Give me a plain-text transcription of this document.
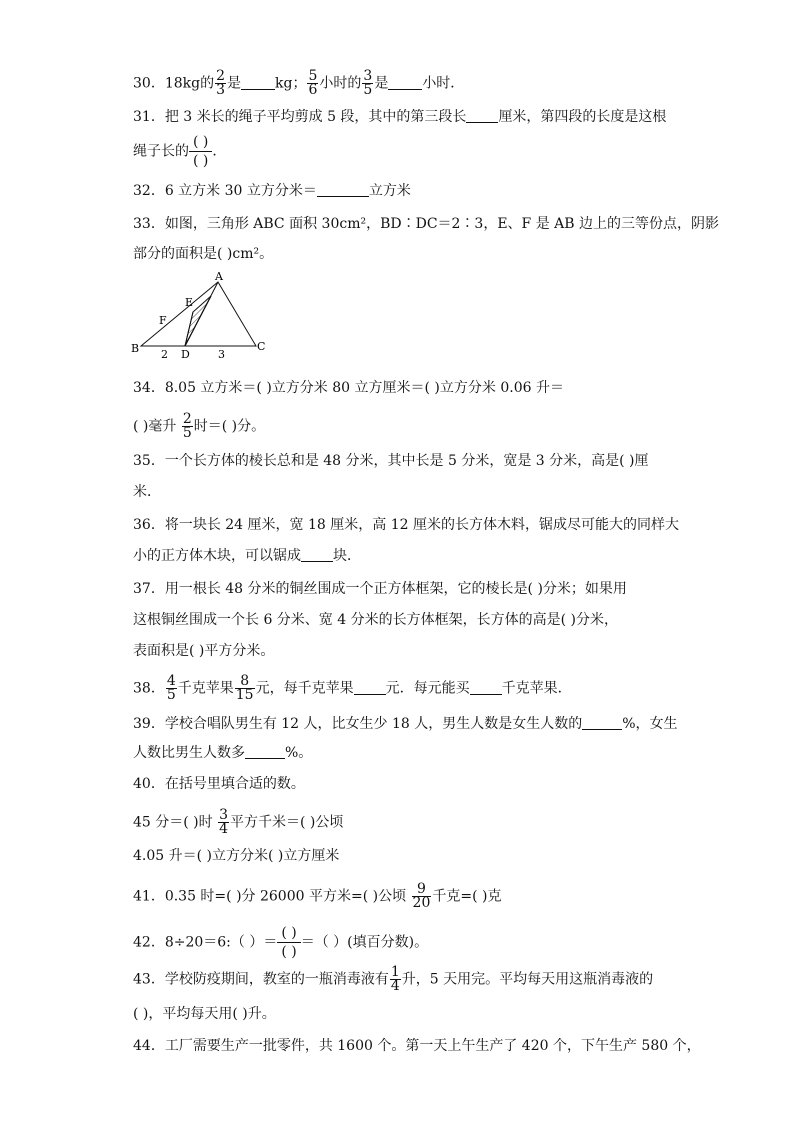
30．18kg的 $\frac{2}{3}$ 是 kg； $\frac{5}{6}$ 小时的 $\frac{3}{5}$ 是 小时．
31．把 3 米长的绳子平均剪成 5 段，其中的第三段长 厘米，第四段的长度是这根
绳子长的
( )
( )
．
32．6 立方米 30 立方分米＝	立方米
33．如图，三角形 ABC 面积 30cm²，BD∶DC＝2∶3，E、F 是 AB 边上的三等份点，阴影
部分的面积是( )cm²。
A
B	C
D
E
F
2	3
34．8.05 立方米＝( )立方分米 80 立方厘米＝( )立方分米 0.06 升＝
( )毫升 $\frac{2}{5}$ 时＝( )分。
35．一个长方体的棱长总和是 48 分米，其中长是 5 分米，宽是 3 分米，高是( )厘
米．
36．将一块长 24 厘米，宽 18 厘米，高 12 厘米的长方体木料，锯成尽可能大的同样大
小的正方体木块，可以锯成 块．
37．用一根长 48 分米的铜丝围成一个正方体框架，它的棱长是( )分米；如果用
这根铜丝围成一个长 6 分米、宽 4 分米的长方体框架，长方体的高是( )分米，
表面积是( )平方分米。
38． $\frac{4}{5}$ 千克苹果 $\frac{8}{15}$ 元，每千克苹果 元．每元能买 千克苹果．
39．学校合唱队男生有 12 人，比女生少 18 人，男生人数是女生人数的	%，女生
人数比男生人数多	%。
40．在括号里填合适的数。
45 分＝( )时 $\frac{3}{4}$ 平方千米＝( )公顷
4.05 升＝( )立方分米( )立方厘米
41．0.35 时=( )分 26000 平方米=( )公顷 $\frac{9}{20}$ 千克=( )克
42．8÷20＝6:（ ）＝
( )
( )
＝（ ）(填百分数)。
43．学校防疫期间，教室的一瓶消毒液有 $\frac{1}{4}$ 升，5 天用完。平均每天用这瓶消毒液的
( )，平均每天用( )升。
44．工厂需要生产一批零件，共 1600 个。第一天上午生产了 420 个，下午生产 580 个，
